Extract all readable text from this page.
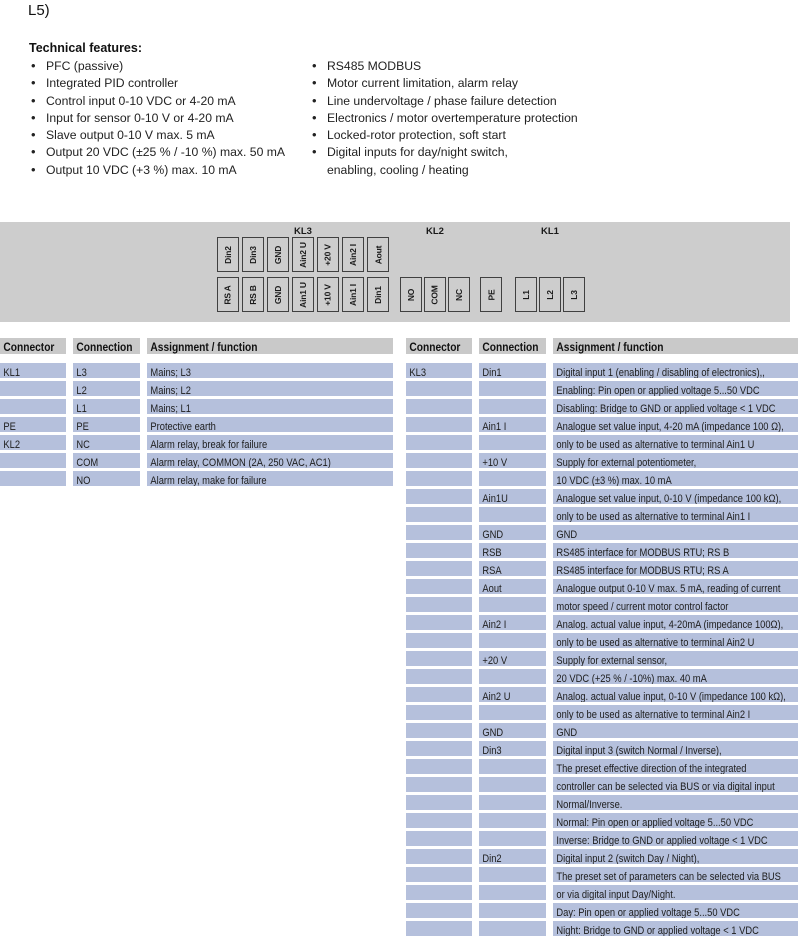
L5)
Technical features:
• PFC (passive)
• Integrated PID controller
• Control input 0-10 VDC or 4-20 mA
• Input for sensor 0-10 V or 4-20 mA
• Slave output 0-10 V max. 5 mA
• Output 20 VDC (±25 % / -10 %) max. 50 mA
• Output 10 VDC (+3 %) max. 10 mA
• RS485 MODBUS
• Motor current limitation, alarm relay
• Line undervoltage / phase failure detection
• Electronics / motor overtemperature protection
• Locked-rotor protection, soft start
• Digital inputs for day/night switch,
enabling, cooling / heating
KL3	KL2	KL1
Din2 Din3 GND Ain2 U +20 V Ain2 I Aout
RS A RS B GND Ain1 U +10 V Ain1 I Din1	NO COM NC	PE	L1 L2 L3
Connector	Connection	Assignment / function
KL1	L3	Mains; L3
L2	Mains; L2
L1	Mains; L1
PE	PE	Protective earth
KL2	NC	Alarm relay, break for failure
COM	Alarm relay, COMMON (2A, 250 VAC, AC1)
NO	Alarm relay, make for failure
Connector	Connection	Assignment / function
KL3	Din1	Digital input 1 (enabling / disabling of electronics),,
Enabling: Pin open or applied voltage 5...50 VDC
Disabling: Bridge to GND or applied voltage < 1 VDC
Ain1 I	Analogue set value input, 4-20 mA (impedance 100 Ω),
only to be used as alternative to terminal Ain1 U
+10 V	Supply for external potentiometer,
10 VDC (±3 %) max. 10 mA
Ain1U	Analogue set value input, 0-10 V (impedance 100 kΩ),
only to be used as alternative to terminal Ain1 I
GND	GND
RSB	RS485 interface for MODBUS RTU; RS B
RSA	RS485 interface for MODBUS RTU; RS A
Aout	Analogue output 0-10 V max. 5 mA, reading of current
motor speed / current motor control factor
Ain2 I	Analog. actual value input, 4-20mA (impedance 100Ω),
only to be used as alternative to terminal Ain2 U
+20 V	Supply for external sensor,
20 VDC (+25 % / -10%) max. 40 mA
Ain2 U	Analog. actual value input, 0-10 V (impedance 100 kΩ),
only to be used as alternative to terminal Ain2 I
GND	GND
Din3	Digital input 3 (switch Normal / Inverse),
The preset effective direction of the integrated
controller can be selected via BUS or via digital input
Normal/Inverse.
Normal: Pin open or applied voltage 5...50 VDC
Inverse: Bridge to GND or applied voltage < 1 VDC
Din2	Digital input 2 (switch Day / Night),
The preset set of parameters can be selected via BUS
or via digital input Day/Night.
Day: Pin open or applied voltage 5...50 VDC
Night: Bridge to GND or applied voltage < 1 VDC
